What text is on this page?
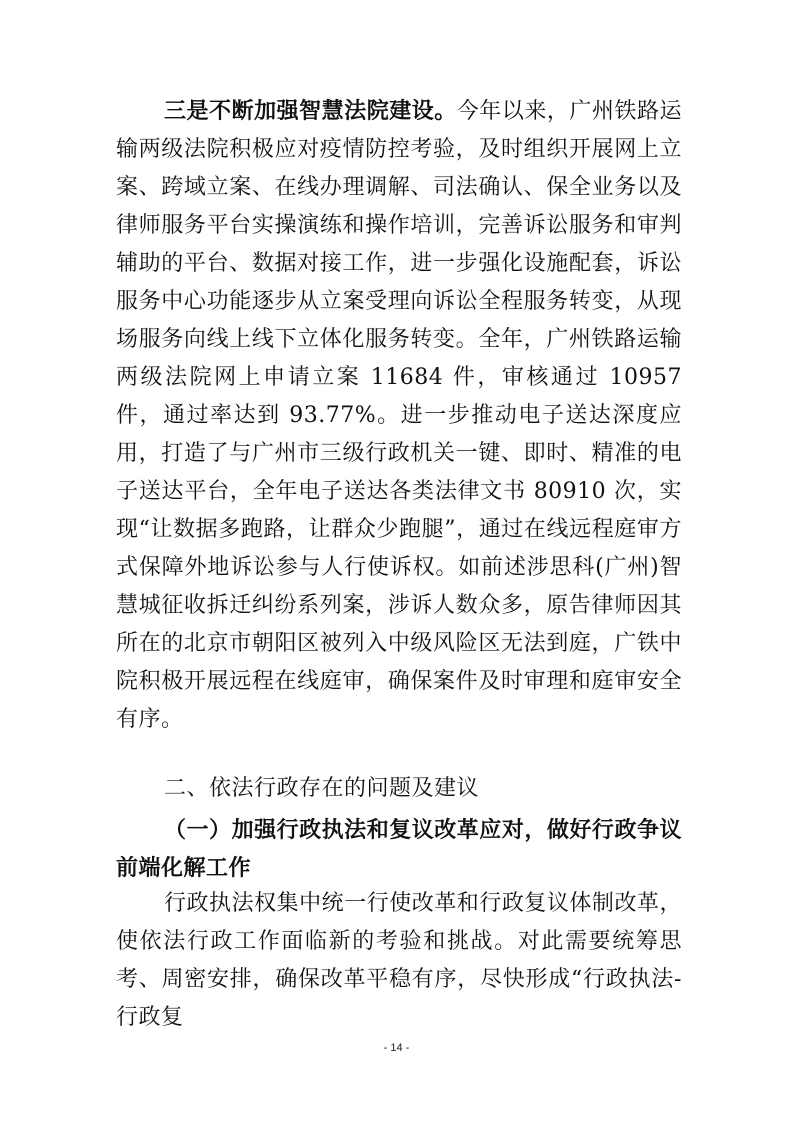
三是不断加强智慧法院建设。今年以来，广州铁路运输两级法院积极应对疫情防控考验，及时组织开展网上立案、跨域立案、在线办理调解、司法确认、保全业务以及律师服务平台实操演练和操作培训，完善诉讼服务和审判辅助的平台、数据对接工作，进一步强化设施配套，诉讼服务中心功能逐步从立案受理向诉讼全程服务转变，从现场服务向线上线下立体化服务转变。全年，广州铁路运输两级法院网上申请立案 11684 件，审核通过 10957 件，通过率达到 93.77%。进一步推动电子送达深度应用，打造了与广州市三级行政机关一键、即时、精准的电子送达平台，全年电子送达各类法律文书 80910 次，实现“让数据多跑路，让群众少跑腿”，通过在线远程庭审方式保障外地诉讼参与人行使诉权。如前述涉思科(广州)智慧城征收拆迁纠纷系列案，涉诉人数众多，原告律师因其所在的北京市朝阳区被列入中级风险区无法到庭，广铁中院积极开展远程在线庭审，确保案件及时审理和庭审安全有序。

二、依法行政存在的问题及建议

（一）加强行政执法和复议改革应对，做好行政争议前端化解工作

行政执法权集中统一行使改革和行政复议体制改革，使依法行政工作面临新的考验和挑战。对此需要统筹思考、周密安排，确保改革平稳有序，尽快形成“行政执法-行政复

- 14 -
